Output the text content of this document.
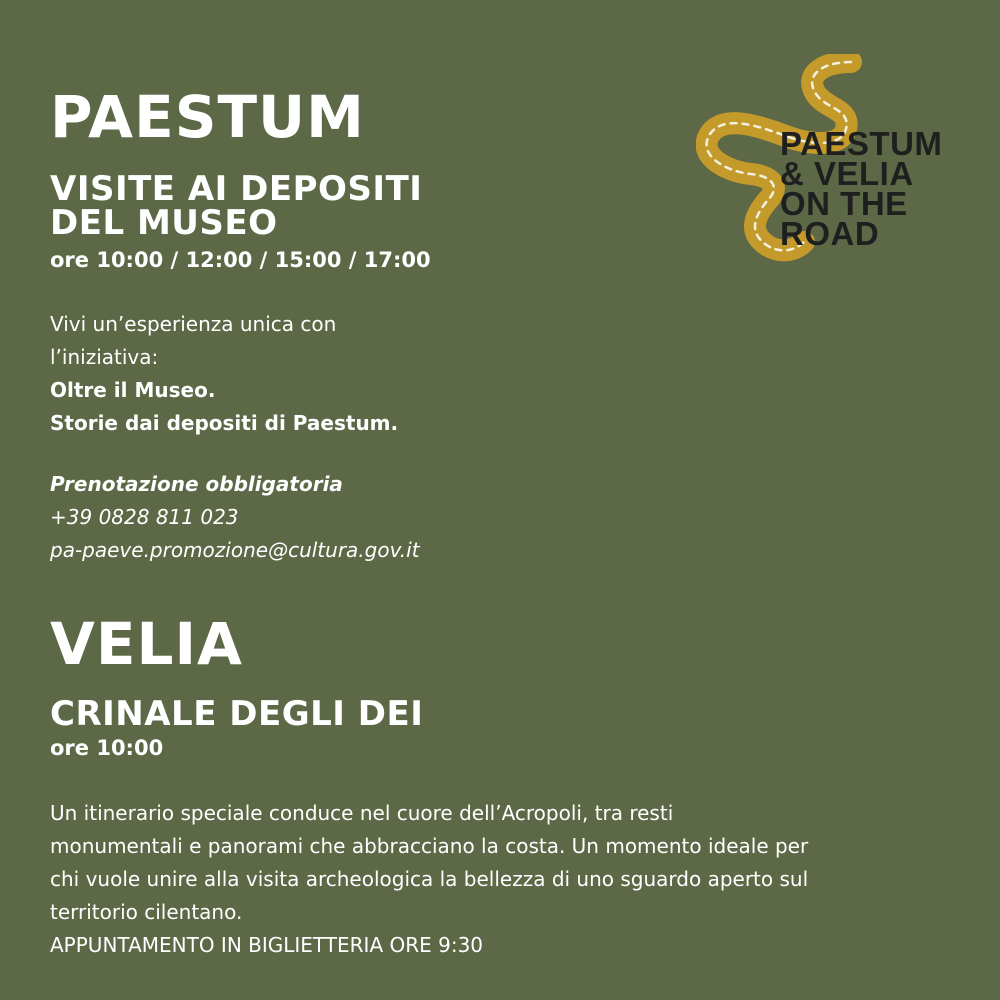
PAESTUM
VISITE AI DEPOSITI
DEL MUSEO
ore 10:00 / 12:00 / 15:00 / 17:00
Vivi un’esperienza unica con
l’iniziativa:
Oltre il Museo.
Storie dai depositi di Paestum.
Prenotazione obbligatoria
+39 0828 811 023
pa-paeve.promozione@cultura.gov.it
VELIA
CRINALE DEGLI DEI
ore 10:00
Un itinerario speciale conduce nel cuore dell’Acropoli, tra resti
monumentali e panorami che abbracciano la costa. Un momento ideale per
chi vuole unire alla visita archeologica la bellezza di uno sguardo aperto sul
territorio cilentano.
APPUNTAMENTO IN BIGLIETTERIA ORE 9:30
PAESTUM
& VELIA
ON THE
ROAD
